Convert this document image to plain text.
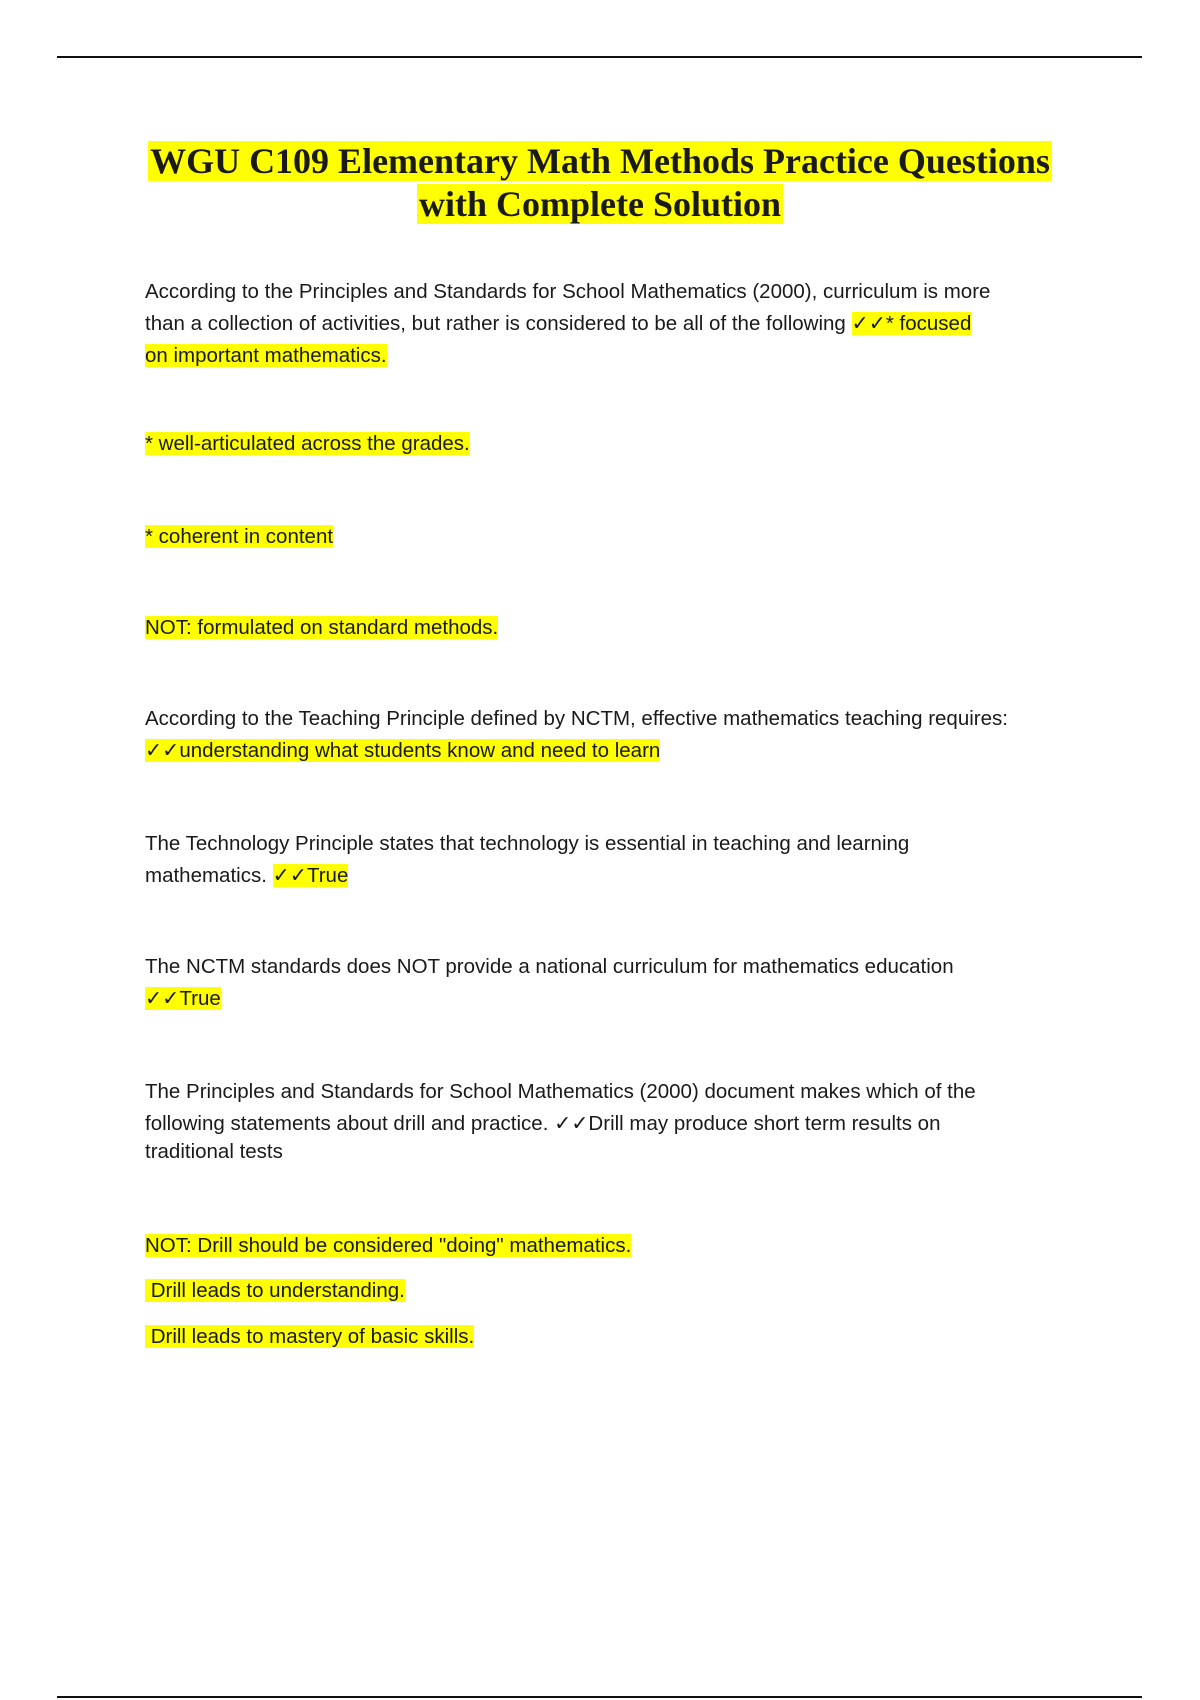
WGU C109 Elementary Math Methods Practice Questions
with Complete Solution
According to the Principles and Standards for School Mathematics (2000), curriculum is more
than a collection of activities, but rather is considered to be all of the following ✓✓* focused
on important mathematics.
* well-articulated across the grades.
* coherent in content
NOT: formulated on standard methods.
According to the Teaching Principle defined by NCTM, effective mathematics teaching requires:
✓✓understanding what students know and need to learn
The Technology Principle states that technology is essential in teaching and learning
mathematics. ✓✓True
The NCTM standards does NOT provide a national curriculum for mathematics education
✓✓True
The Principles and Standards for School Mathematics (2000) document makes which of the
following statements about drill and practice. ✓✓Drill may produce short term results on
traditional tests
NOT: Drill should be considered "doing" mathematics.
Drill leads to understanding.
Drill leads to mastery of basic skills.
